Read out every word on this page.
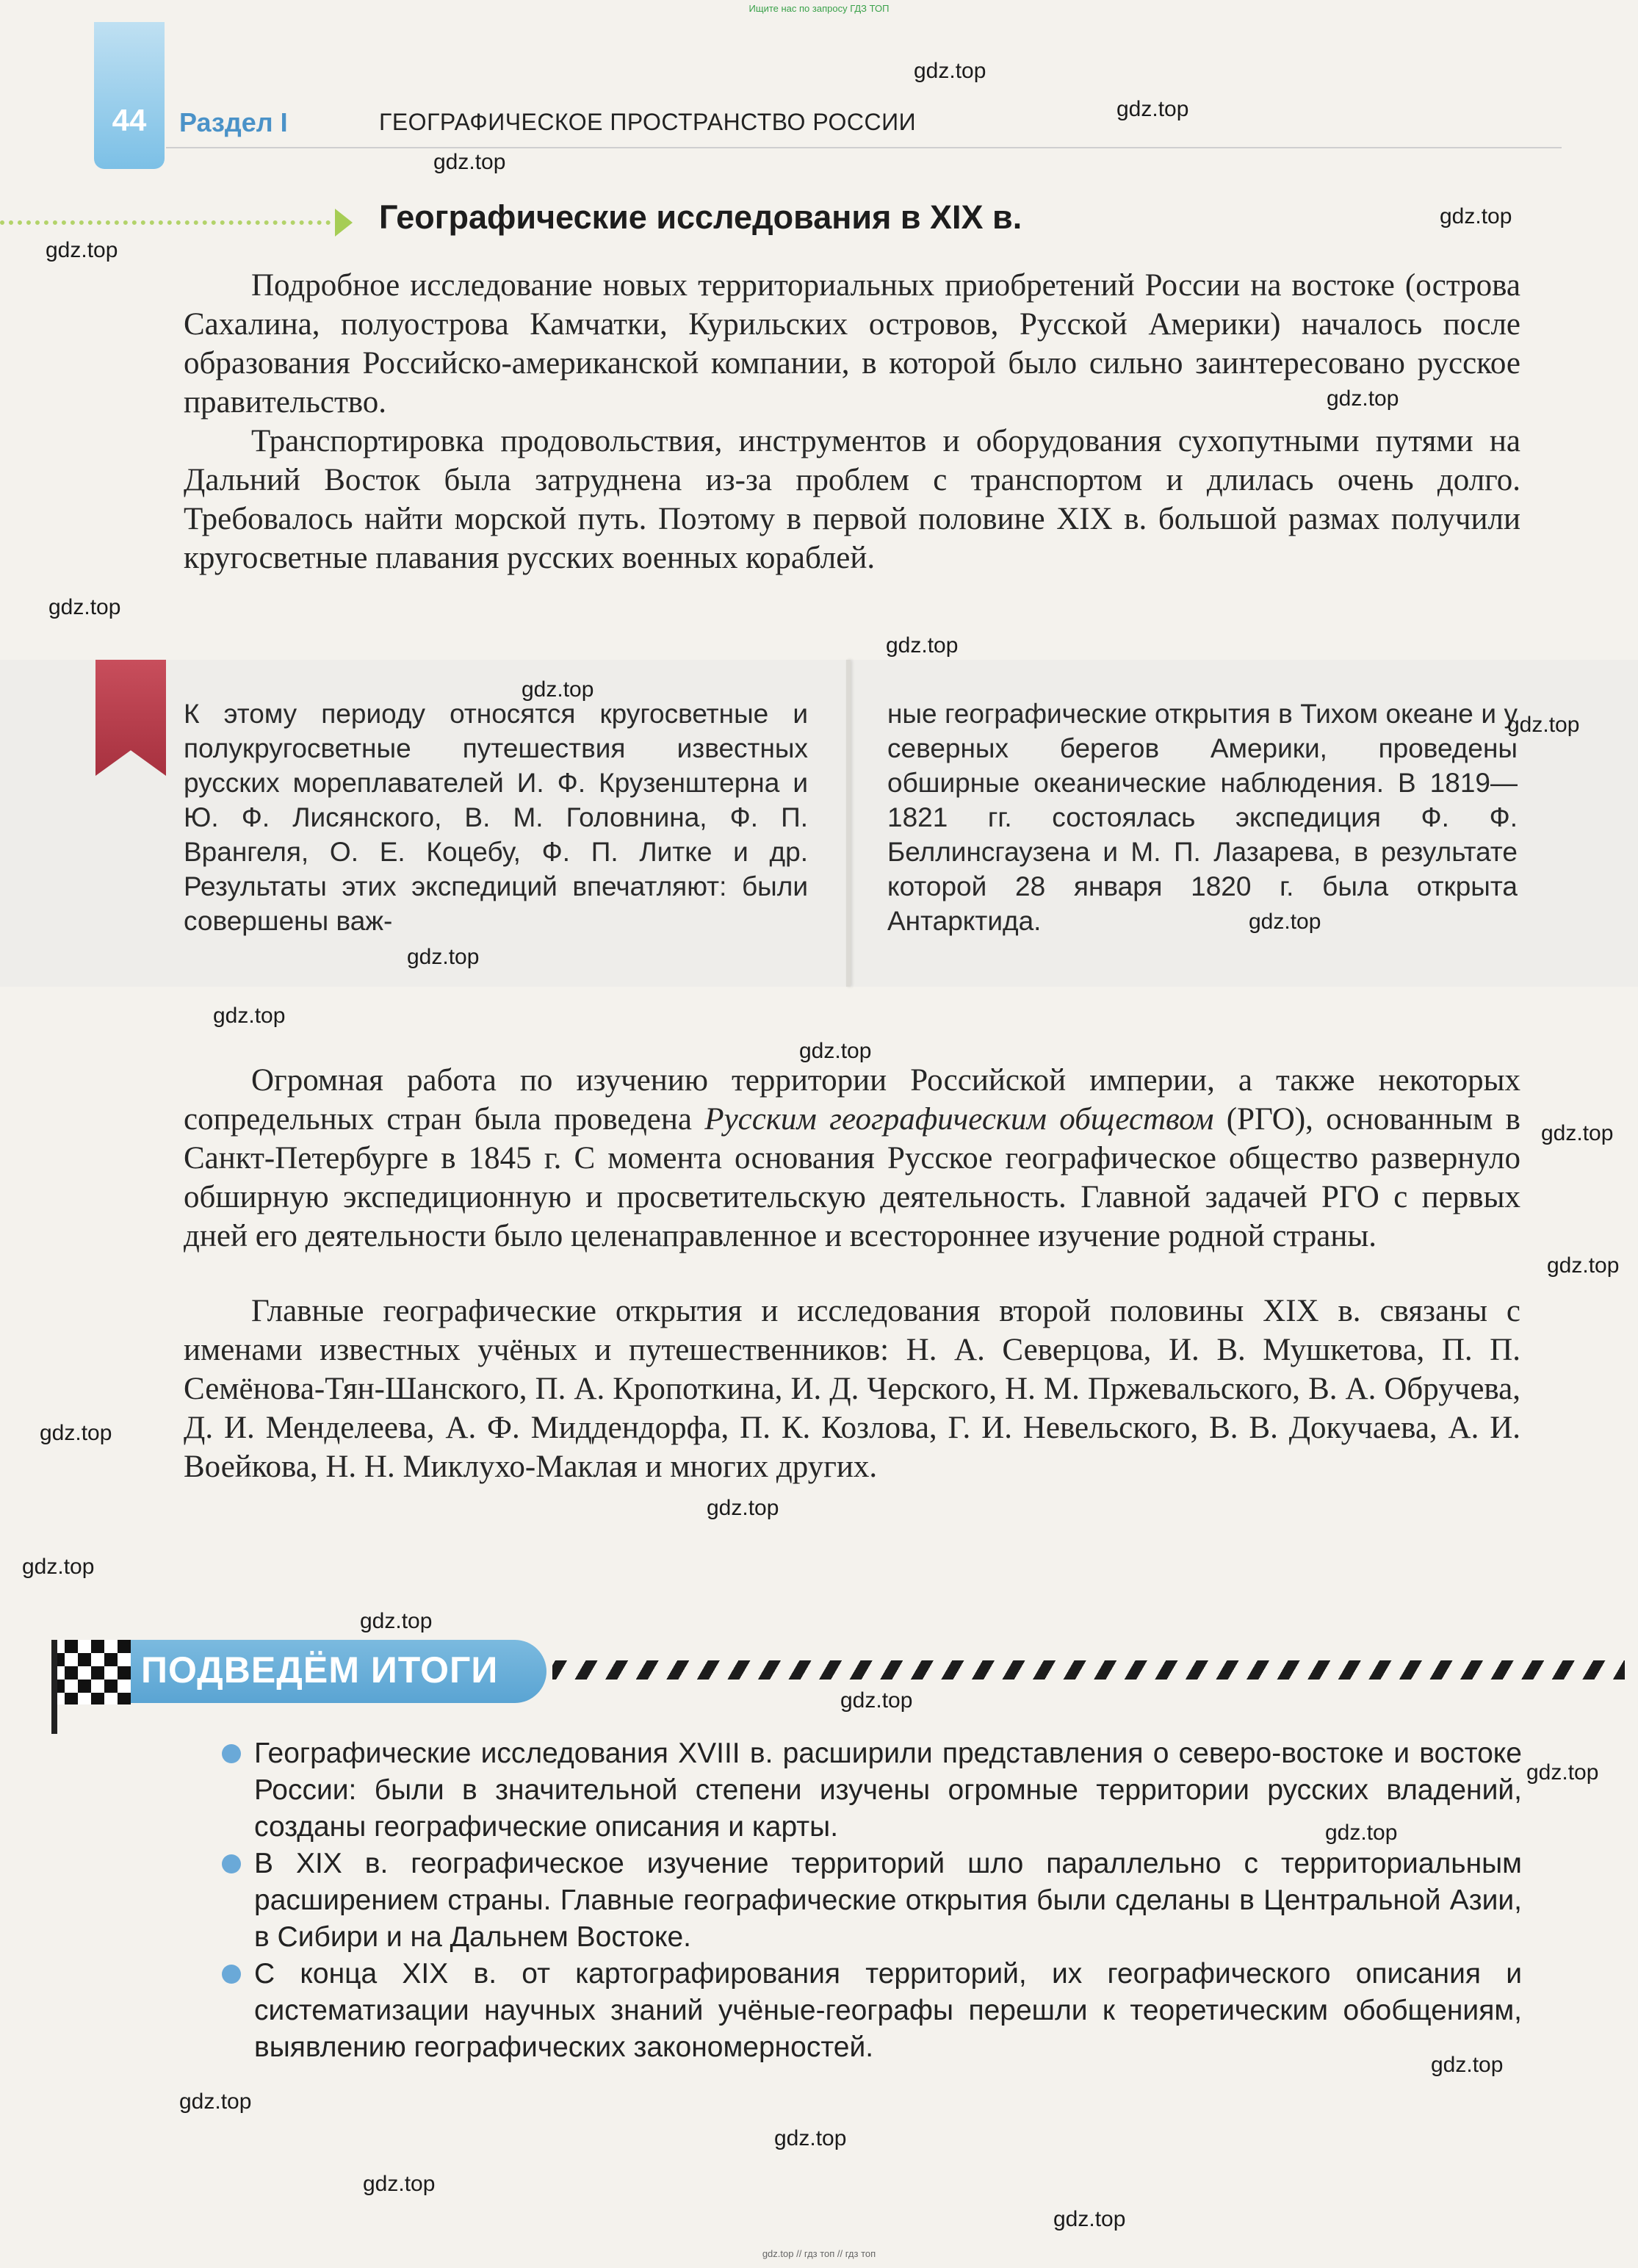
Ищите нас по запросу ГДЗ ТОП
44	Раздел I	ГЕОГРАФИЧЕСКОЕ ПРОСТРАНСТВО РОССИИ
Географические исследования в XIX в.

Подробное исследование новых территориальных приобретений России на востоке (острова Сахалина, полуострова Камчатки, Курильских островов, Русской Америки) началось после образования Российско-американской компании, в которой было сильно заинтересовано русское правительство.

Транспортировка продовольствия, инструментов и оборудования сухопутными путями на Дальний Восток была затруднена из-за проблем с транспортом и длилась очень долго. Требовалось найти морской путь. Поэтому в первой половине XIX в. большой размах получили кругосветные плавания русских военных кораблей.

К этому периоду относятся кругосветные и полукругосветные путешествия известных русских мореплавателей И. Ф. Крузенштерна и Ю. Ф. Лисянского, В. М. Головнина, Ф. П. Врангеля, О. Е. Коцебу, Ф. П. Литке и др. Результаты этих экспедиций впечатляют: были совершены важ-

ные географические открытия в Тихом океане и у северных берегов Америки, проведены обширные океанические наблюдения. В 1819—1821 гг. состоялась экспедиция Ф. Ф. Беллинсгаузена и М. П. Лазарева, в результате которой 28 января 1820 г. была открыта Антарктида.

Огромная работа по изучению территории Российской империи, а также некоторых сопредельных стран была проведена Русским географическим обществом (РГО), основанным в Санкт-Петербурге в 1845 г. С момента основания Русское географическое общество развернуло обширную экспедиционную и просветительскую деятельность. Главной задачей РГО с первых дней его деятельности было целенаправленное и всестороннее изучение родной страны.

Главные географические открытия и исследования второй половины XIX в. связаны с именами известных учёных и путешественников: Н. А. Северцова, И. В. Мушкетова, П. П. Семёнова-Тян-Шанского, П. А. Кропоткина, И. Д. Черского, Н. М. Пржевальского, В. А. Обручева, Д. И. Менделеева, А. Ф. Миддендорфа, П. К. Козлова, Г. И. Невельского, В. В. Докучаева, А. И. Воейкова, Н. Н. Миклухо-Маклая и многих других.

ПОДВЕДЁМ ИТОГИ

Географические исследования XVIII в. расширили представления о северо-востоке и востоке России: были в значительной степени изучены огромные территории русских владений, созданы географические описания и карты.

В XIX в. географическое изучение территорий шло параллельно с территориальным расширением страны. Главные географические открытия были сделаны в Центральной Азии, в Сибири и на Дальнем Востоке.

С конца XIX в. от картографирования территорий, их географического описания и систематизации научных знаний учёные-географы перешли к теоретическим обобщениям, выявлению географических закономерностей.

gdz.top
gdz.top
gdz.top
gdz.top
gdz.top
gdz.top
gdz.top
gdz.top
gdz.top
gdz.top
gdz.top
gdz.top
gdz.top
gdz.top
gdz.top
gdz.top
gdz.top
gdz.top
gdz.top
gdz.top
gdz.top
gdz.top
gdz.top
gdz.top
gdz.top
gdz.top
gdz.top
gdz.top
gdz.top // гдз топ // гдз топ
